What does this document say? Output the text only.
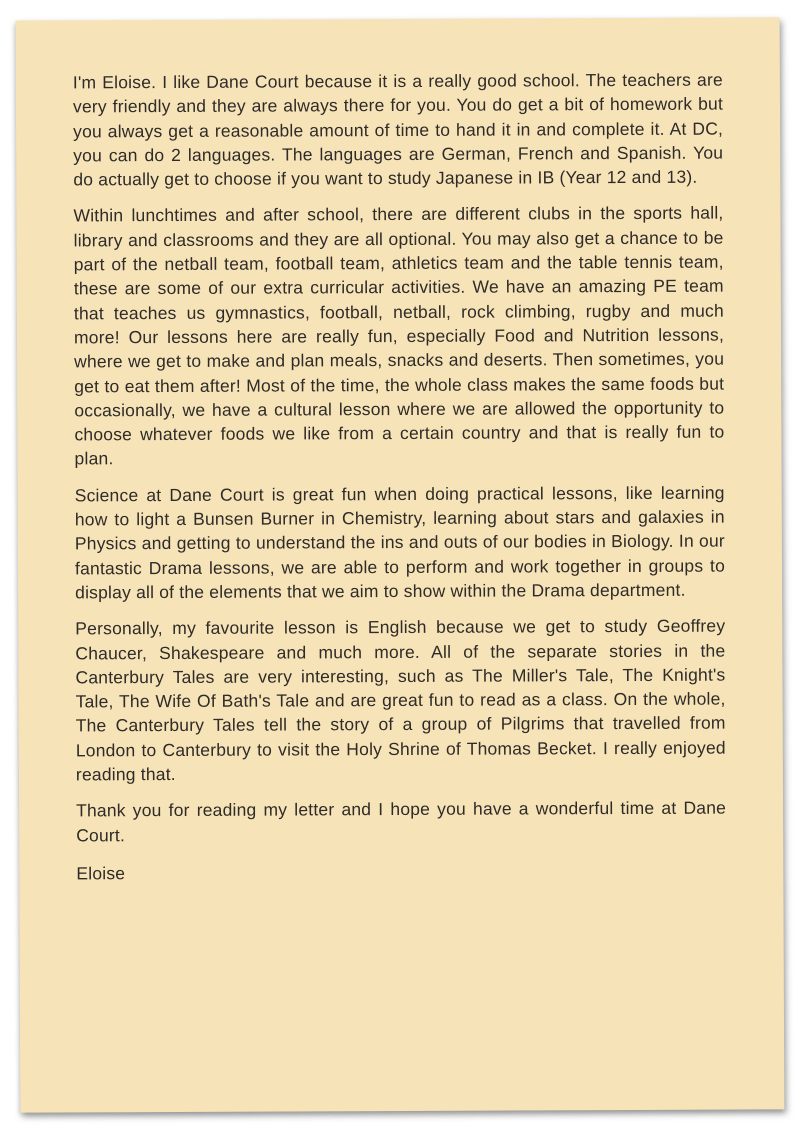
I'm Eloise. I like Dane Court because it is a really good school. The teachers are very friendly and they are always there for you. You do get a bit of homework but you always get a reasonable amount of time to hand it in and complete it. At DC, you can do 2 languages. The languages are German, French and Spanish. You do actually get to choose if you want to study Japanese in IB (Year 12 and 13).

Within lunchtimes and after school, there are different clubs in the sports hall, library and classrooms and they are all optional. You may also get a chance to be part of the netball team, football team, athletics team and the table tennis team, these are some of our extra curricular activities. We have an amazing PE team that teaches us gymnastics, football, netball, rock climbing, rugby and much more! Our lessons here are really fun, especially Food and Nutrition lessons, where we get to make and plan meals, snacks and deserts. Then sometimes, you get to eat them after! Most of the time, the whole class makes the same foods but occasionally, we have a cultural lesson where we are allowed the opportunity to choose whatever foods we like from a certain country and that is really fun to plan.

Science at Dane Court is great fun when doing practical lessons, like learning how to light a Bunsen Burner in Chemistry, learning about stars and galaxies in Physics and getting to understand the ins and outs of our bodies in Biology. In our fantastic Drama lessons, we are able to perform and work together in groups to display all of the elements that we aim to show within the Drama department.

Personally, my favourite lesson is English because we get to study Geoffrey Chaucer, Shakespeare and much more. All of the separate stories in the Canterbury Tales are very interesting, such as The Miller's Tale, The Knight's Tale, The Wife Of Bath's Tale and are great fun to read as a class. On the whole, The Canterbury Tales tell the story of a group of Pilgrims that travelled from London to Canterbury to visit the Holy Shrine of Thomas Becket. I really enjoyed reading that.

Thank you for reading my letter and I hope you have a wonderful time at Dane Court.

Eloise
